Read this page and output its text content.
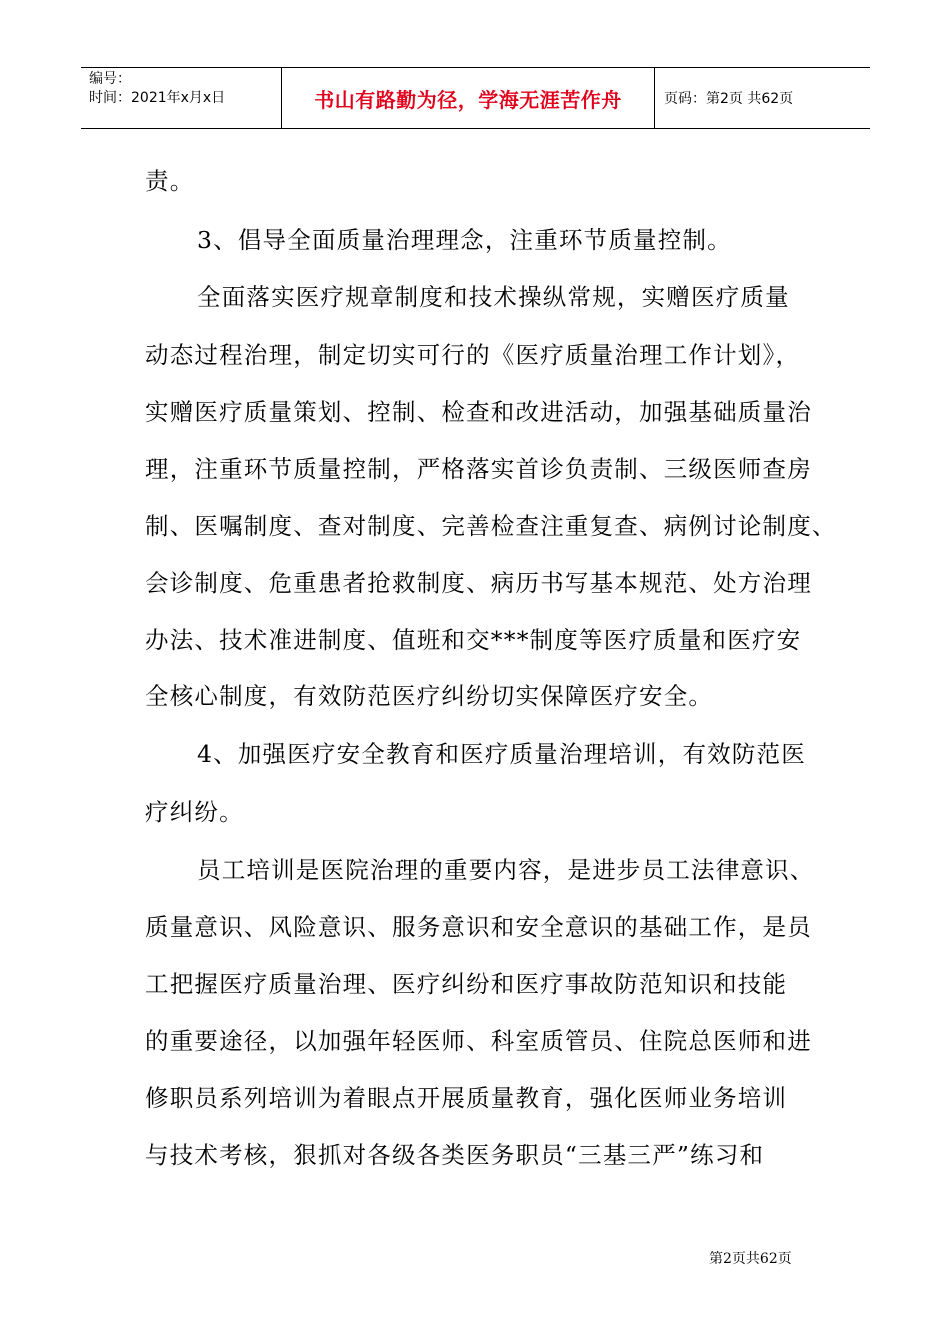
编号：
时间：2021年x月x日	书山有路勤为径，学海无涯苦作舟	页码：第2页 共62页
责。
3、倡导全面质量治理理念，注重环节质量控制。
全面落实医疗规章制度和技术操纵常规，实赠医疗质量
动态过程治理，制定切实可行的《医疗质量治理工作计划》，
实赠医疗质量策划、控制、检查和改进活动，加强基础质量治
理，注重环节质量控制，严格落实首诊负责制、三级医师查房
制、医嘱制度、查对制度、完善检查注重复查、病例讨论制度、
会诊制度、危重患者抢救制度、病历书写基本规范、处方治理
办法、技术准进制度、值班和交***制度等医疗质量和医疗安
全核心制度，有效防范医疗纠纷切实保障医疗安全。
4、加强医疗安全教育和医疗质量治理培训，有效防范医
疗纠纷。
员工培训是医院治理的重要内容，是进步员工法律意识、
质量意识、风险意识、服务意识和安全意识的基础工作，是员
工把握医疗质量治理、医疗纠纷和医疗事故防范知识和技能
的重要途径，以加强年轻医师、科室质管员、住院总医师和进
修职员系列培训为着眼点开展质量教育，强化医师业务培训
与技术考核，狠抓对各级各类医务职员“三基三严”练习和
第2页共62页
